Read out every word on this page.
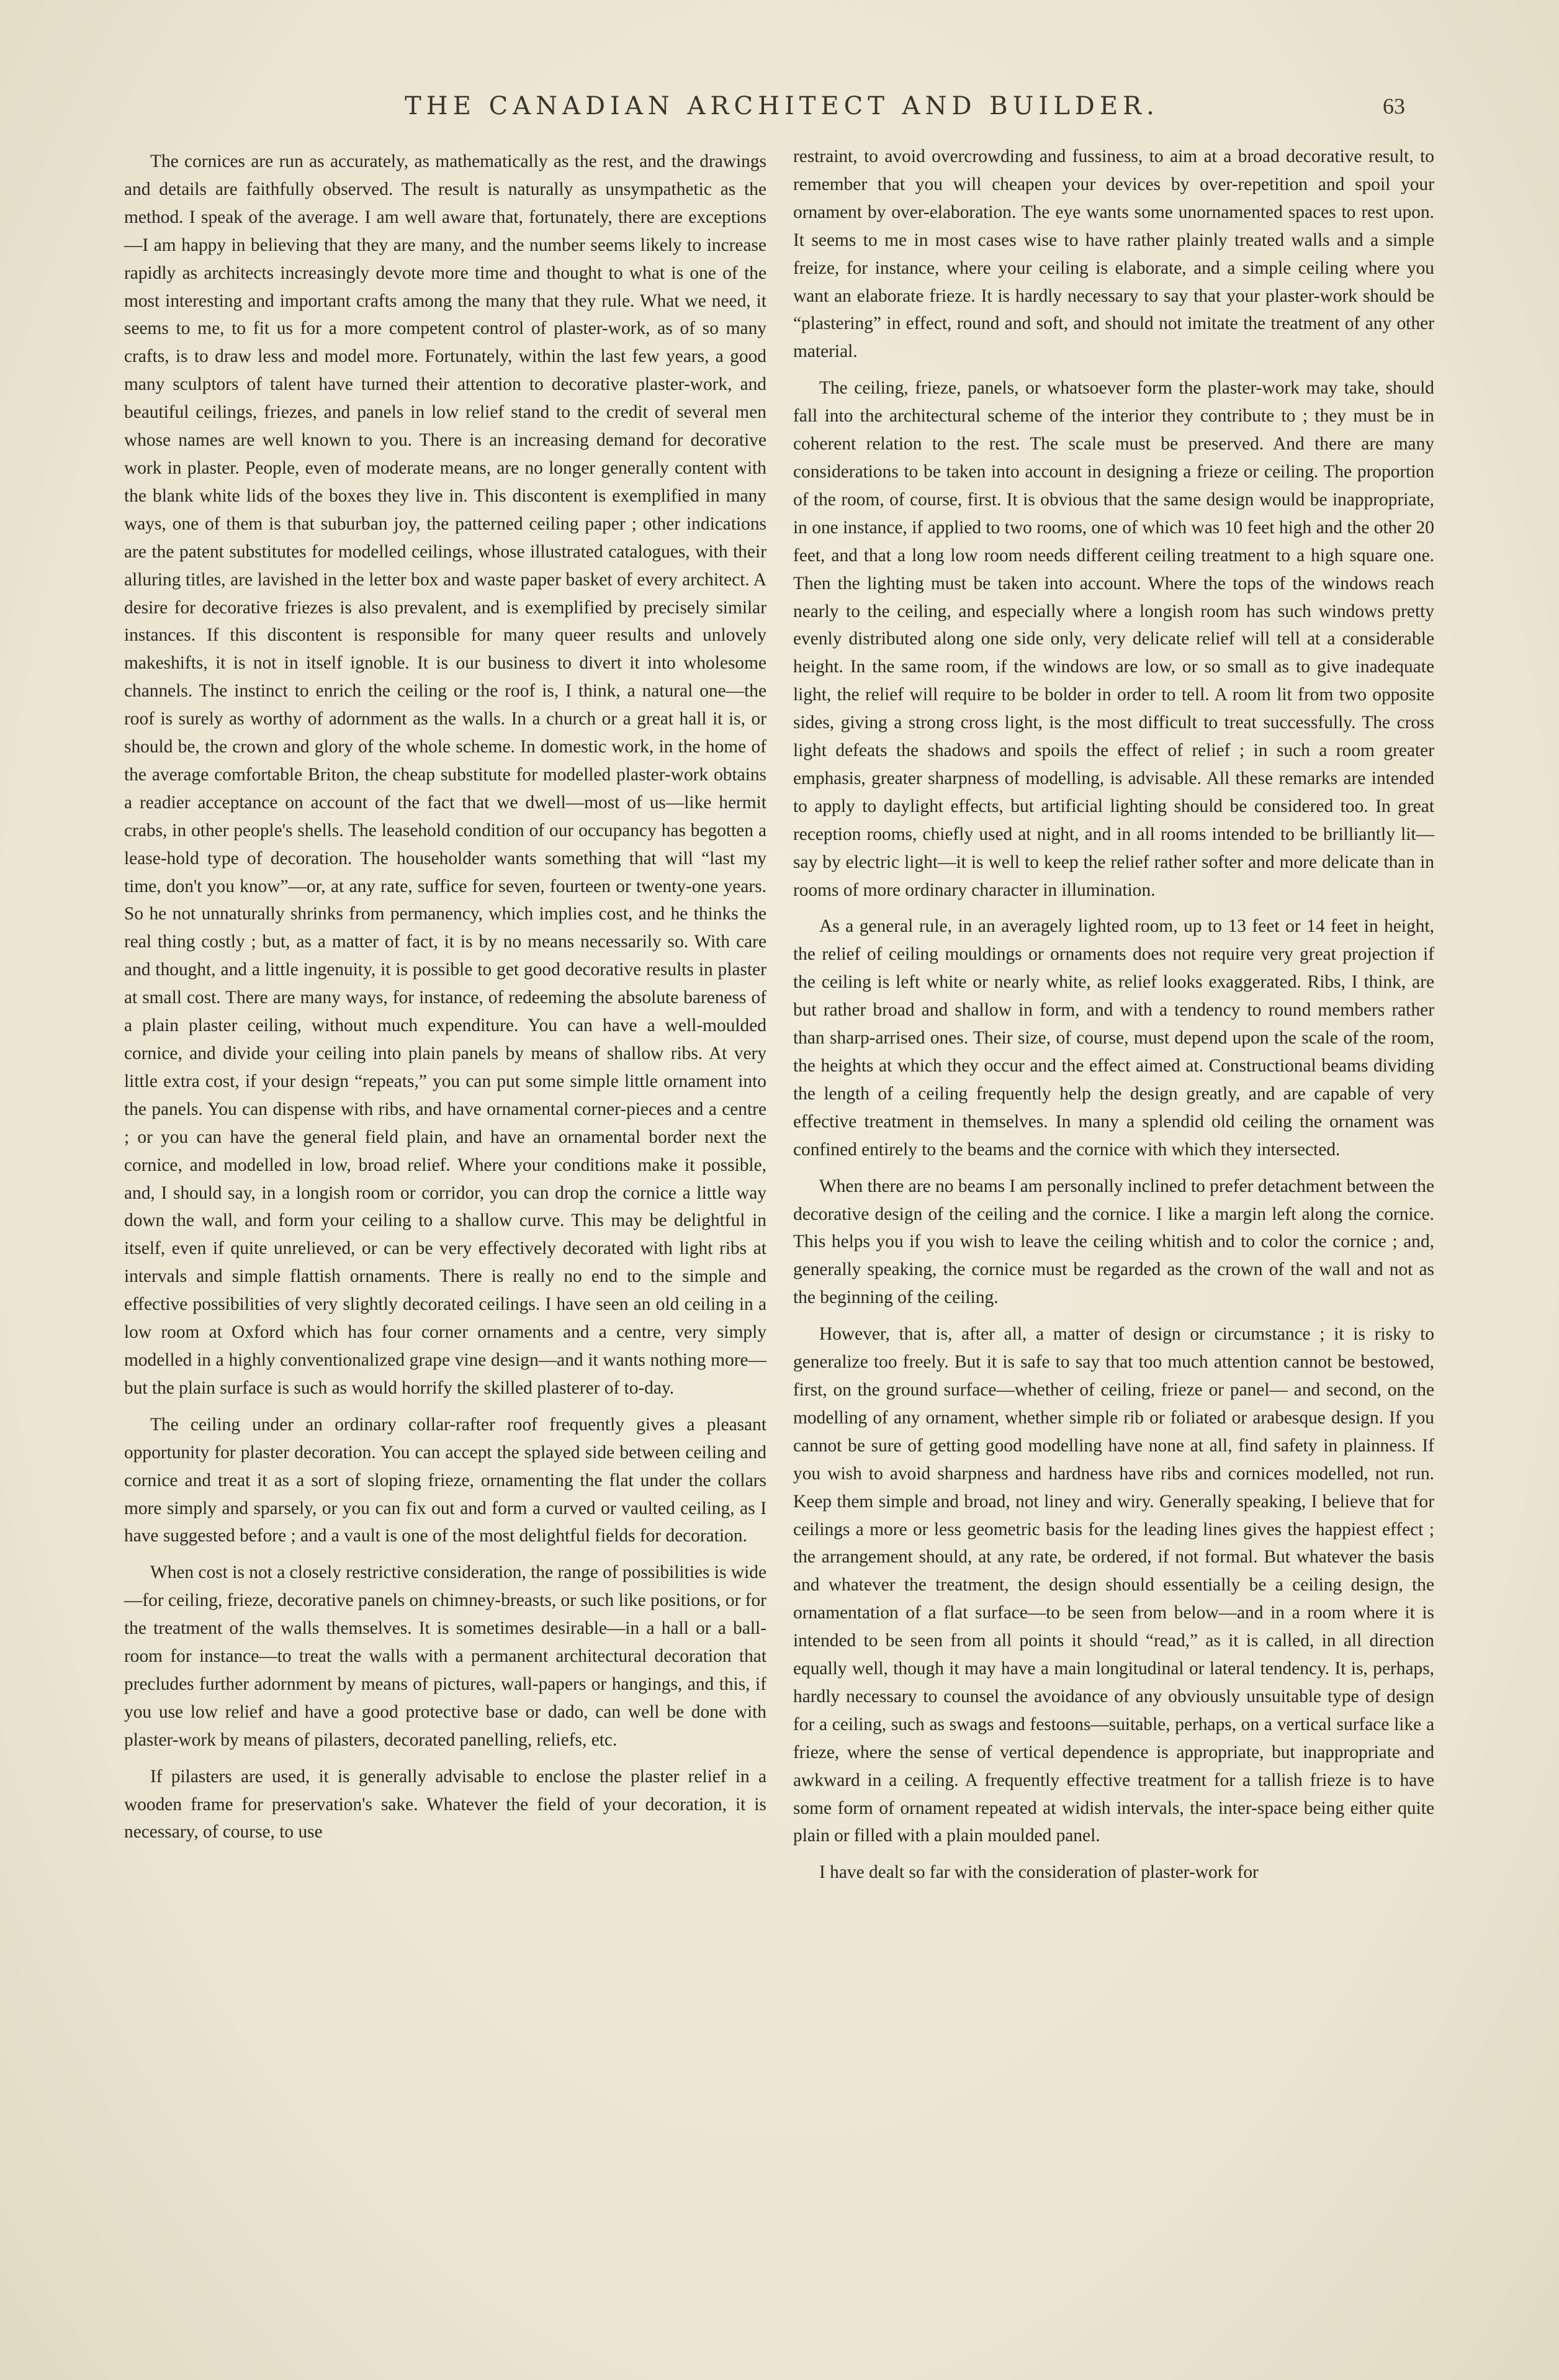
THE CANADIAN ARCHITECT AND BUILDER.	63

The cornices are run as accurately, as mathematically as the rest, and the drawings and details are faithfully observed. The result is naturally as unsympathetic as the method. I speak of the average. I am well aware that, fortunately, there are exceptions—I am happy in believing that they are many, and the number seems likely to increase rapidly as architects increasingly devote more time and thought to what is one of the most interesting and important crafts among the many that they rule. What we need, it seems to me, to fit us for a more competent control of plaster-work, as of so many crafts, is to draw less and model more. Fortunately, within the last few years, a good many sculptors of talent have turned their attention to decorative plaster-work, and beautiful ceilings, friezes, and panels in low relief stand to the credit of several men whose names are well known to you. There is an increasing demand for decorative work in plaster. People, even of moderate means, are no longer generally content with the blank white lids of the boxes they live in. This discontent is exemplified in many ways, one of them is that suburban joy, the patterned ceiling paper ; other indications are the patent substitutes for modelled ceilings, whose illustrated catalogues, with their alluring titles, are lavished in the letter box and waste paper basket of every architect. A desire for decorative friezes is also prevalent, and is exemplified by precisely similar instances. If this discontent is responsible for many queer results and unlovely makeshifts, it is not in itself ignoble. It is our business to divert it into wholesome channels. The instinct to enrich the ceiling or the roof is, I think, a natural one—the roof is surely as worthy of adornment as the walls. In a church or a great hall it is, or should be, the crown and glory of the whole scheme. In domestic work, in the home of the average comfortable Briton, the cheap substitute for modelled plaster-work obtains a readier acceptance on account of the fact that we dwell—most of us—like hermit crabs, in other people's shells. The leasehold condition of our occupancy has begotten a lease-hold type of decoration. The householder wants something that will “last my time, don't you know”—or, at any rate, suffice for seven, fourteen or twenty-one years. So he not unnaturally shrinks from permanency, which implies cost, and he thinks the real thing costly ; but, as a matter of fact, it is by no means necessarily so. With care and thought, and a little ingenuity, it is possible to get good decorative results in plaster at small cost. There are many ways, for instance, of redeeming the absolute bareness of a plain plaster ceiling, without much expenditure. You can have a well-moulded cornice, and divide your ceiling into plain panels by means of shallow ribs. At very little extra cost, if your design “repeats,” you can put some simple little ornament into the panels. You can dispense with ribs, and have ornamental corner-pieces and a centre ; or you can have the general field plain, and have an ornamental border next the cornice, and modelled in low, broad relief. Where your conditions make it possible, and, I should say, in a longish room or corridor, you can drop the cornice a little way down the wall, and form your ceiling to a shallow curve. This may be delightful in itself, even if quite unrelieved, or can be very effectively decorated with light ribs at intervals and simple flattish ornaments. There is really no end to the simple and effective possibilities of very slightly decorated ceilings. I have seen an old ceiling in a low room at Oxford which has four corner ornaments and a centre, very simply modelled in a highly conventionalized grape vine design—and it wants nothing more—but the plain surface is such as would horrify the skilled plasterer of to-day.

The ceiling under an ordinary collar-rafter roof frequently gives a pleasant opportunity for plaster decoration. You can accept the splayed side between ceiling and cornice and treat it as a sort of sloping frieze, ornamenting the flat under the collars more simply and sparsely, or you can fix out and form a curved or vaulted ceiling, as I have suggested before ; and a vault is one of the most delightful fields for decoration.

When cost is not a closely restrictive consideration, the range of possibilities is wide—for ceiling, frieze, decorative panels on chimney-breasts, or such like positions, or for the treatment of the walls themselves. It is sometimes desirable—in a hall or a ball-room for instance—to treat the walls with a permanent architectural decoration that precludes further adornment by means of pictures, wall-papers or hangings, and this, if you use low relief and have a good protective base or dado, can well be done with plaster-work by means of pilasters, decorated panelling, reliefs, etc.

If pilasters are used, it is generally advisable to enclose the plaster relief in a wooden frame for preservation's sake. Whatever the field of your decoration, it is necessary, of course, to use

restraint, to avoid overcrowding and fussiness, to aim at a broad decorative result, to remember that you will cheapen your devices by over-repetition and spoil your ornament by over-elaboration. The eye wants some unornamented spaces to rest upon. It seems to me in most cases wise to have rather plainly treated walls and a simple freize, for instance, where your ceiling is elaborate, and a simple ceiling where you want an elaborate frieze. It is hardly necessary to say that your plaster-work should be “plastering” in effect, round and soft, and should not imitate the treatment of any other material.

The ceiling, frieze, panels, or whatsoever form the plaster-work may take, should fall into the architectural scheme of the interior they contribute to ; they must be in coherent relation to the rest. The scale must be preserved. And there are many considerations to be taken into account in designing a frieze or ceiling. The proportion of the room, of course, first. It is obvious that the same design would be inappropriate, in one instance, if applied to two rooms, one of which was 10 feet high and the other 20 feet, and that a long low room needs different ceiling treatment to a high square one. Then the lighting must be taken into account. Where the tops of the windows reach nearly to the ceiling, and especially where a longish room has such windows pretty evenly distributed along one side only, very delicate relief will tell at a considerable height. In the same room, if the windows are low, or so small as to give inadequate light, the relief will require to be bolder in order to tell. A room lit from two opposite sides, giving a strong cross light, is the most difficult to treat successfully. The cross light defeats the shadows and spoils the effect of relief ; in such a room greater emphasis, greater sharpness of modelling, is advisable. All these remarks are intended to apply to daylight effects, but artificial lighting should be considered too. In great reception rooms, chiefly used at night, and in all rooms intended to be brilliantly lit—say by electric light—it is well to keep the relief rather softer and more delicate than in rooms of more ordinary character in illumination.

As a general rule, in an averagely lighted room, up to 13 feet or 14 feet in height, the relief of ceiling mouldings or ornaments does not require very great projection if the ceiling is left white or nearly white, as relief looks exaggerated. Ribs, I think, are but rather broad and shallow in form, and with a tendency to round members rather than sharp-arrised ones. Their size, of course, must depend upon the scale of the room, the heights at which they occur and the effect aimed at. Constructional beams dividing the length of a ceiling frequently help the design greatly, and are capable of very effective treatment in themselves. In many a splendid old ceiling the ornament was confined entirely to the beams and the cornice with which they intersected.

When there are no beams I am personally inclined to prefer detachment between the decorative design of the ceiling and the cornice. I like a margin left along the cornice. This helps you if you wish to leave the ceiling whitish and to color the cornice ; and, generally speaking, the cornice must be regarded as the crown of the wall and not as the beginning of the ceiling.

However, that is, after all, a matter of design or circumstance ; it is risky to generalize too freely. But it is safe to say that too much attention cannot be bestowed, first, on the ground surface—whether of ceiling, frieze or panel— and second, on the modelling of any ornament, whether simple rib or foliated or arabesque design. If you cannot be sure of getting good modelling have none at all, find safety in plainness. If you wish to avoid sharpness and hardness have ribs and cornices modelled, not run. Keep them simple and broad, not liney and wiry. Generally speaking, I believe that for ceilings a more or less geometric basis for the leading lines gives the happiest effect ; the arrangement should, at any rate, be ordered, if not formal. But whatever the basis and whatever the treatment, the design should essentially be a ceiling design, the ornamentation of a flat surface—to be seen from below—and in a room where it is intended to be seen from all points it should “read,” as it is called, in all direction equally well, though it may have a main longitudinal or lateral tendency. It is, perhaps, hardly necessary to counsel the avoidance of any obviously unsuitable type of design for a ceiling, such as swags and festoons—suitable, perhaps, on a vertical surface like a frieze, where the sense of vertical dependence is appropriate, but inappropriate and awkward in a ceiling. A frequently effective treatment for a tallish frieze is to have some form of ornament repeated at widish intervals, the inter-space being either quite plain or filled with a plain moulded panel.

I have dealt so far with the consideration of plaster-work for
